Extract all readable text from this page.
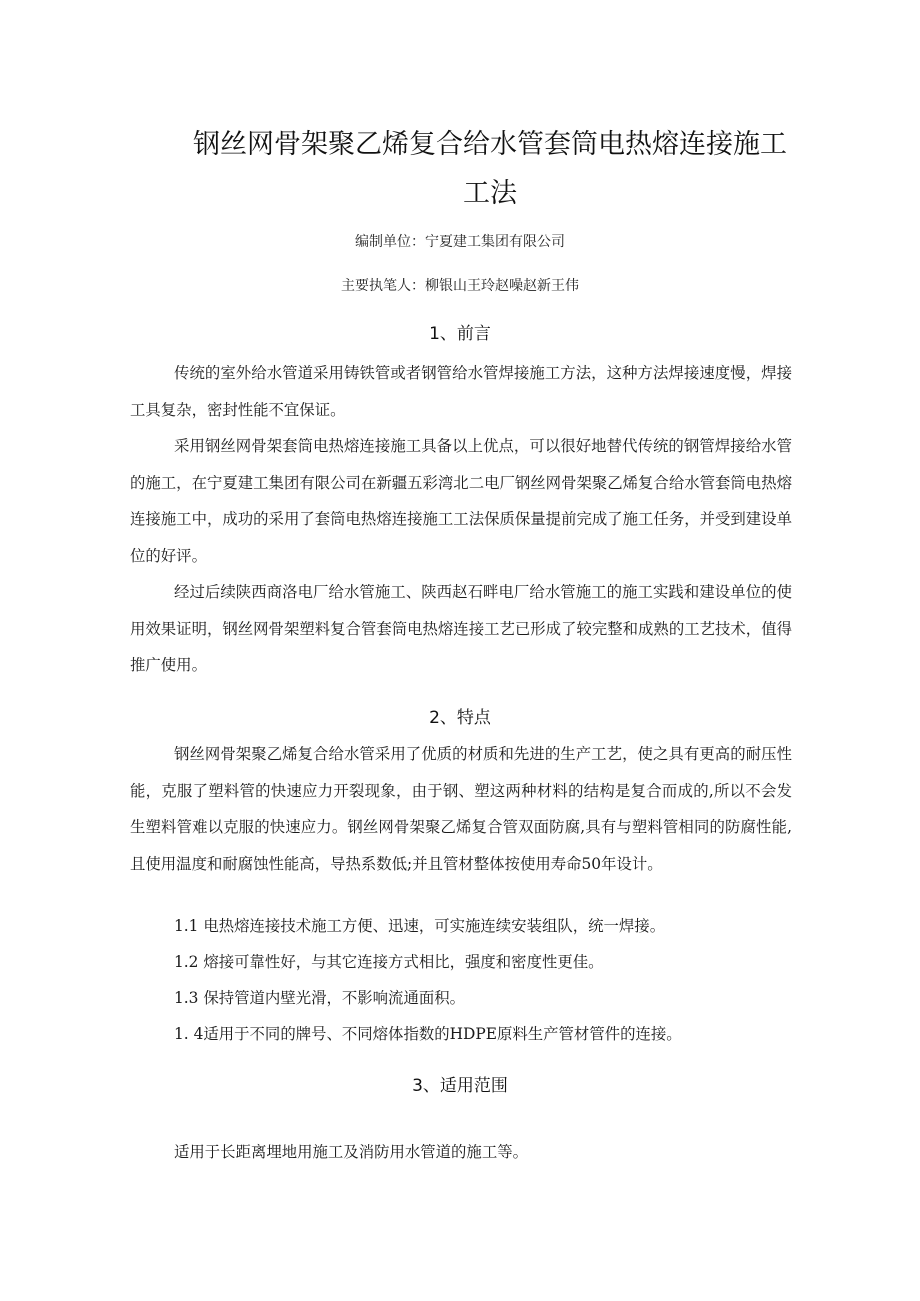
钢丝网骨架聚乙烯复合给水管套筒电热熔连接施工
工法
编制单位：宁夏建工集团有限公司
主要执笔人：柳银山王玲赵噪赵新王伟
1、前言

传统的室外给水管道采用铸铁管或者钢管给水管焊接施工方法，这种方法焊接速度慢，焊接工具复杂，密封性能不宜保证。

采用钢丝网骨架套筒电热熔连接施工具备以上优点，可以很好地替代传统的钢管焊接给水管的施工，在宁夏建工集团有限公司在新疆五彩湾北二电厂钢丝网骨架聚乙烯复合给水管套筒电热熔连接施工中，成功的采用了套筒电热熔连接施工工法保质保量提前完成了施工任务，并受到建设单位的好评。

经过后续陕西商洛电厂给水管施工、陕西赵石畔电厂给水管施工的施工实践和建设单位的使用效果证明，钢丝网骨架塑料复合管套筒电热熔连接工艺已形成了较完整和成熟的工艺技术，值得推广使用。

2、特点

钢丝网骨架聚乙烯复合给水管采用了优质的材质和先进的生产工艺，使之具有更高的耐压性能，克服了塑料管的快速应力开裂现象，由于钢、塑这两种材料的结构是复合而成的,所以不会发生塑料管难以克服的快速应力。钢丝网骨架聚乙烯复合管双面防腐,具有与塑料管相同的防腐性能,且使用温度和耐腐蚀性能高，导热系数低;并且管材整体按使用寿命50年设计。

1.1 电热熔连接技术施工方便、迅速，可实施连续安装组队，统一焊接。
1.2 熔接可靠性好，与其它连接方式相比，强度和密度性更佳。
1.3 保持管道内壁光滑，不影响流通面积。
1. 4适用于不同的牌号、不同熔体指数的HDPE原料生产管材管件的连接。
3、适用范围
适用于长距离埋地用施工及消防用水管道的施工等。
